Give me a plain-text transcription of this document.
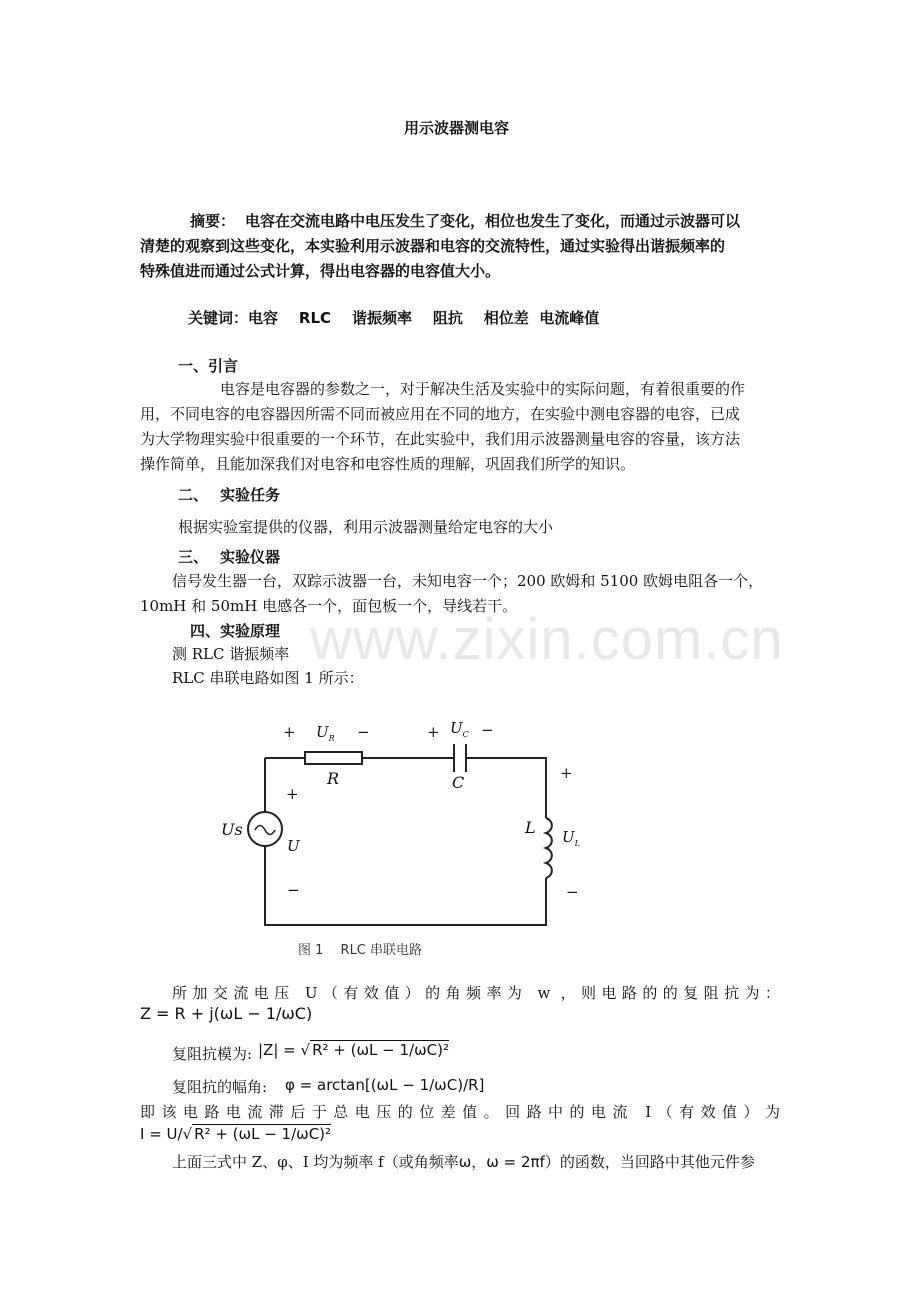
用示波器测电容
摘要： 电容在交流电路中电压发生了变化，相位也发生了变化，而通过示波器可以
清楚的观察到这些变化，本实验利用示波器和电容的交流特性，通过实验得出谐振频率的
特殊值进而通过公式计算，得出电容器的电容值大小。
关键词：电容 RLC 谐振频率 阻抗 相位差 电流峰值
一、引言
电容是电容器的参数之一，对于解决生活及实验中的实际问题，有着很重要的作
用，不同电容的电容器因所需不同而被应用在不同的地方，在实验中测电容器的电容，已成
为大学物理实验中很重要的一个环节，在此实验中，我们用示波器测量电容的容量，该方法
操作简单，且能加深我们对电容和电容性质的理解，巩固我们所学的知识。
二、 实验任务
根据实验室提供的仪器，利用示波器测量给定电容的大小
三、 实验仪器
信号发生器一台，双踪示波器一台，未知电容一个；200 欧姆和 5100 欧姆电阻各一个，
10mH 和 50mH 电感各一个，面包板一个，导线若干。
www.zixin.com.cn
四、实验原理
测 RLC 谐振频率
RLC 串联电路如图 1 所示：
+ $U_R$ −	+ $U_C$ −
R	C
+
Us
U
−
+
L $U_L$
−
图 1　 RLC 串联电路
所加交流电压 U（有效值）的角频率为 w ，则电路的的复阻抗为：
Z = R + j(ωL − 1/ωC)
复阻抗模为: |Z| = √ R² + (ωL − 1/ωC)²
复阻抗的幅角: φ = arctan[(ωL − 1/ωC)/R]
即该电路电流滞后于总电压的位差值。回路中的电流 I（有效值）为
I = U/√ R² + (ωL − 1/ωC)²
上面三式中 Z、φ、I 均为频率 f（或角频率ω，ω = 2πf）的函数，当回路中其他元件参
